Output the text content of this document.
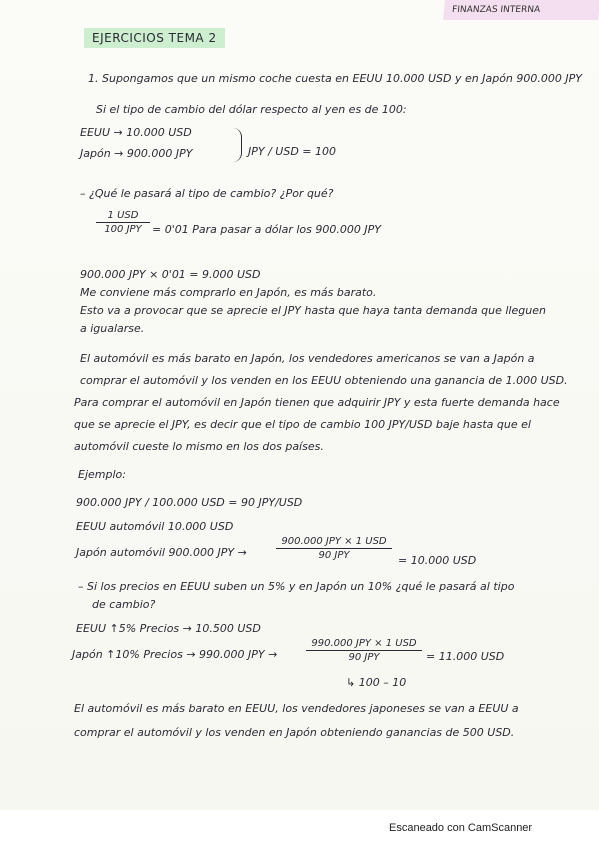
FINANZAS INTERNA
EJERCICIOS TEMA 2
1. Supongamos que un mismo coche cuesta en EEUU 10.000 USD y en Japón 900.000 JPY
Si el tipo de cambio del dólar respecto al yen es de 100:
EEUU → 10.000 USD
Japón → 900.000 JPY	JPY / USD = 100
– ¿Qué le pasará al tipo de cambio? ¿Por qué?
1 USD
100 JPY = 0'01 Para pasar a dólar los 900.000 JPY
900.000 JPY × 0'01 = 9.000 USD
Me conviene más comprarlo en Japón, es más barato.
Esto va a provocar que se aprecie el JPY hasta que haya tanta demanda que lleguen
a igualarse.
El automóvil es más barato en Japón, los vendedores americanos se van a Japón a
comprar el automóvil y los venden en los EEUU obteniendo una ganancia de 1.000 USD.
Para comprar el automóvil en Japón tienen que adquirir JPY y esta fuerte demanda hace
que se aprecie el JPY, es decir que el tipo de cambio 100 JPY/USD baje hasta que el
automóvil cueste lo mismo en los dos países.
Ejemplo:
900.000 JPY / 100.000 USD = 90 JPY/USD
EEUU automóvil 10.000 USD
Japón automóvil 900.000 JPY →
900.000 JPY × 1 USD
90 JPY	= 10.000 USD
– Si los precios en EEUU suben un 5% y en Japón un 10% ¿qué le pasará al tipo
de cambio?
EEUU ↑5% Precios → 10.500 USD
Japón ↑10% Precios → 990.000 JPY →
990.000 JPY × 1 USD
90 JPY	= 11.000 USD
↳ 100 – 10
El automóvil es más barato en EEUU, los vendedores japoneses se van a EEUU a
comprar el automóvil y los venden en Japón obteniendo ganancias de 500 USD.
Escaneado con CamScanner
